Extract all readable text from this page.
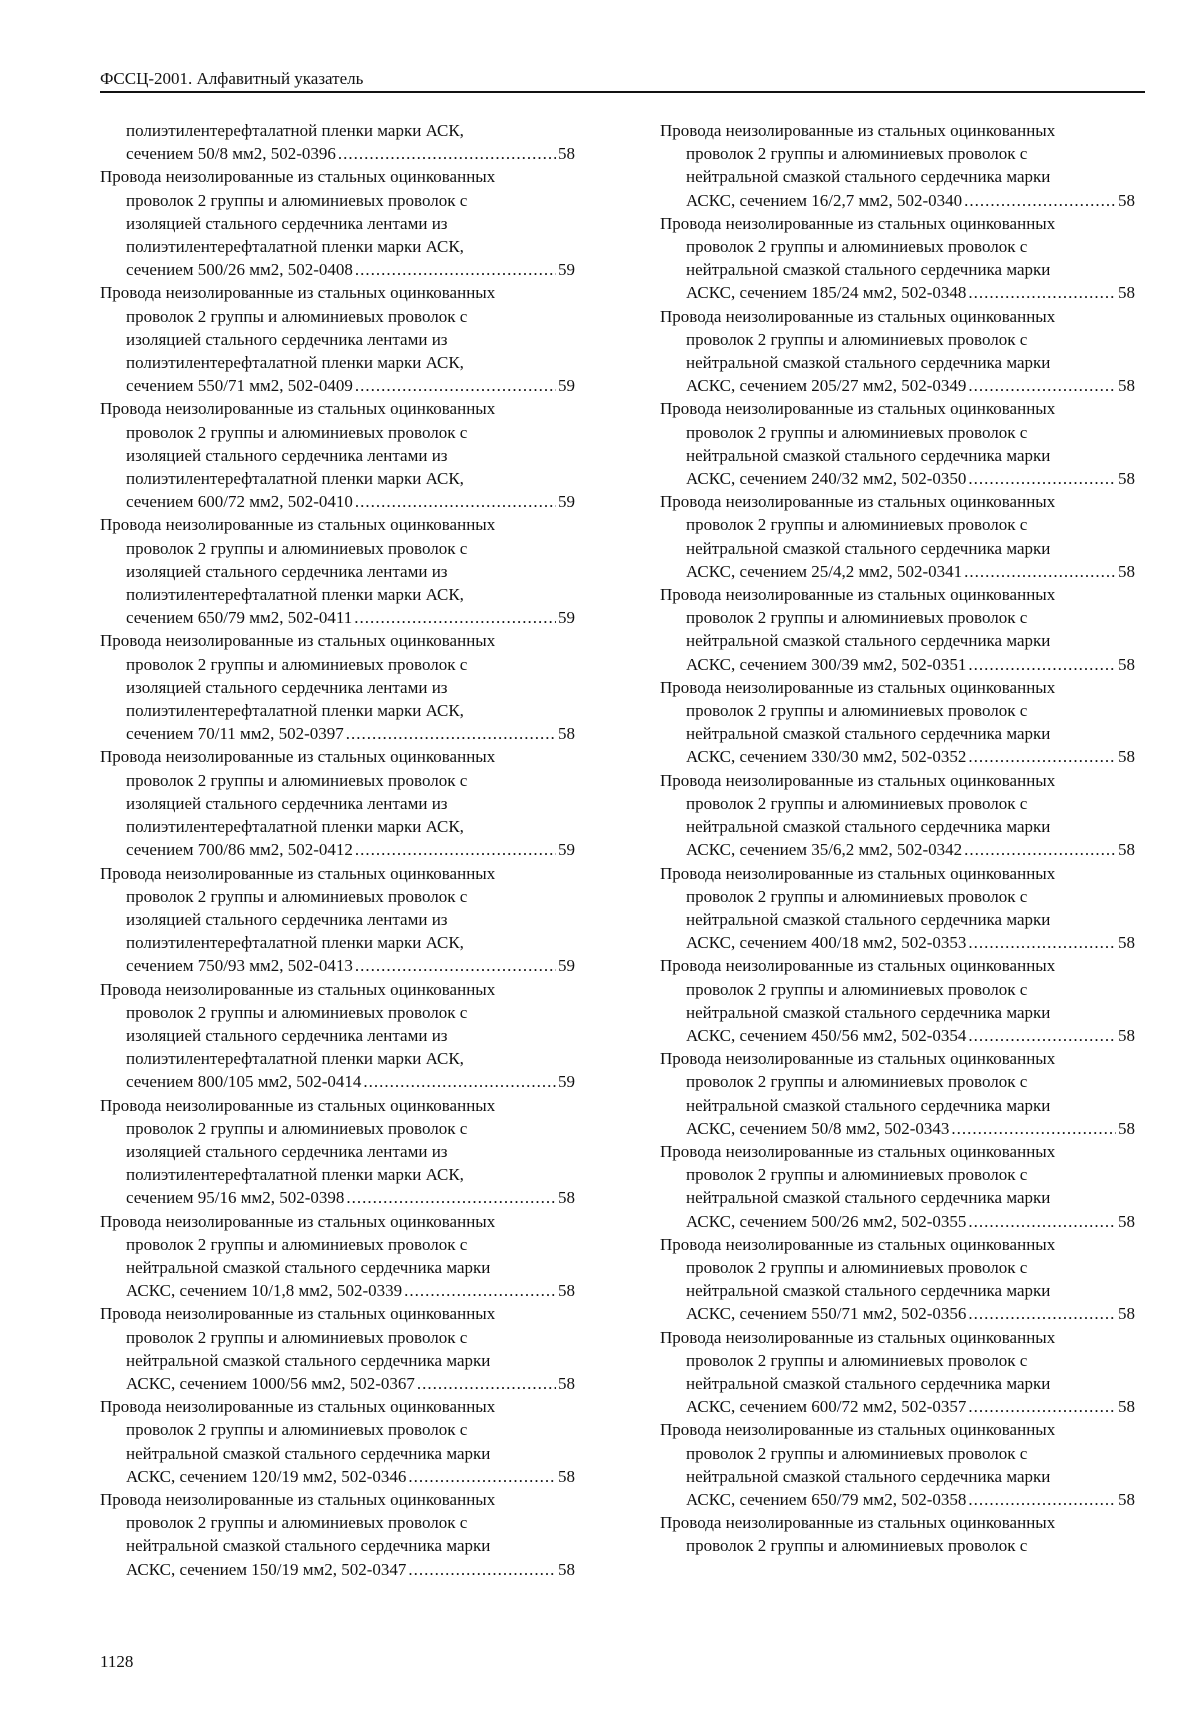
ФССЦ-2001. Алфавитный указатель
полиэтилентерефталатной пленки марки АСК,
сечением 50/8 мм2, 502-0396 .....	58
Провода неизолированные из стальных оцинкованных
проволок 2 группы и алюминиевых проволок с
изоляцией стального сердечника лентами из
полиэтилентерефталатной пленки марки АСК,
сечением 500/26 мм2, 502-0408 .....	59
Провода неизолированные из стальных оцинкованных
проволок 2 группы и алюминиевых проволок с
изоляцией стального сердечника лентами из
полиэтилентерефталатной пленки марки АСК,
сечением 550/71 мм2, 502-0409 .....	59
Провода неизолированные из стальных оцинкованных
проволок 2 группы и алюминиевых проволок с
изоляцией стального сердечника лентами из
полиэтилентерефталатной пленки марки АСК,
сечением 600/72 мм2, 502-0410 .....	59
Провода неизолированные из стальных оцинкованных
проволок 2 группы и алюминиевых проволок с
изоляцией стального сердечника лентами из
полиэтилентерефталатной пленки марки АСК,
сечением 650/79 мм2, 502-0411 .....	59
Провода неизолированные из стальных оцинкованных
проволок 2 группы и алюминиевых проволок с
изоляцией стального сердечника лентами из
полиэтилентерефталатной пленки марки АСК,
сечением 70/11 мм2, 502-0397 .....	58
Провода неизолированные из стальных оцинкованных
проволок 2 группы и алюминиевых проволок с
изоляцией стального сердечника лентами из
полиэтилентерефталатной пленки марки АСК,
сечением 700/86 мм2, 502-0412 .....	59
Провода неизолированные из стальных оцинкованных
проволок 2 группы и алюминиевых проволок с
изоляцией стального сердечника лентами из
полиэтилентерефталатной пленки марки АСК,
сечением 750/93 мм2, 502-0413 .....	59
Провода неизолированные из стальных оцинкованных
проволок 2 группы и алюминиевых проволок с
изоляцией стального сердечника лентами из
полиэтилентерефталатной пленки марки АСК,
сечением 800/105 мм2, 502-0414 .....	59
Провода неизолированные из стальных оцинкованных
проволок 2 группы и алюминиевых проволок с
изоляцией стального сердечника лентами из
полиэтилентерефталатной пленки марки АСК,
сечением 95/16 мм2, 502-0398 .....	58
Провода неизолированные из стальных оцинкованных
проволок 2 группы и алюминиевых проволок с
нейтральной смазкой стального сердечника марки
АСКС, сечением 10/1,8 мм2, 502-0339 .....	58
Провода неизолированные из стальных оцинкованных
проволок 2 группы и алюминиевых проволок с
нейтральной смазкой стального сердечника марки
АСКС, сечением 1000/56 мм2, 502-0367 .....	58
Провода неизолированные из стальных оцинкованных
проволок 2 группы и алюминиевых проволок с
нейтральной смазкой стального сердечника марки
АСКС, сечением 120/19 мм2, 502-0346 .....	58
Провода неизолированные из стальных оцинкованных
проволок 2 группы и алюминиевых проволок с
нейтральной смазкой стального сердечника марки
АСКС, сечением 150/19 мм2, 502-0347 .....	58
Провода неизолированные из стальных оцинкованных
проволок 2 группы и алюминиевых проволок с
нейтральной смазкой стального сердечника марки
АСКС, сечением 16/2,7 мм2, 502-0340 .....	58
Провода неизолированные из стальных оцинкованных
проволок 2 группы и алюминиевых проволок с
нейтральной смазкой стального сердечника марки
АСКС, сечением 185/24 мм2, 502-0348 .....	58
Провода неизолированные из стальных оцинкованных
проволок 2 группы и алюминиевых проволок с
нейтральной смазкой стального сердечника марки
АСКС, сечением 205/27 мм2, 502-0349 .....	58
Провода неизолированные из стальных оцинкованных
проволок 2 группы и алюминиевых проволок с
нейтральной смазкой стального сердечника марки
АСКС, сечением 240/32 мм2, 502-0350 .....	58
Провода неизолированные из стальных оцинкованных
проволок 2 группы и алюминиевых проволок с
нейтральной смазкой стального сердечника марки
АСКС, сечением 25/4,2 мм2, 502-0341 .....	58
Провода неизолированные из стальных оцинкованных
проволок 2 группы и алюминиевых проволок с
нейтральной смазкой стального сердечника марки
АСКС, сечением 300/39 мм2, 502-0351 .....	58
Провода неизолированные из стальных оцинкованных
проволок 2 группы и алюминиевых проволок с
нейтральной смазкой стального сердечника марки
АСКС, сечением 330/30 мм2, 502-0352 .....	58
Провода неизолированные из стальных оцинкованных
проволок 2 группы и алюминиевых проволок с
нейтральной смазкой стального сердечника марки
АСКС, сечением 35/6,2 мм2, 502-0342 .....	58
Провода неизолированные из стальных оцинкованных
проволок 2 группы и алюминиевых проволок с
нейтральной смазкой стального сердечника марки
АСКС, сечением 400/18 мм2, 502-0353 .....	58
Провода неизолированные из стальных оцинкованных
проволок 2 группы и алюминиевых проволок с
нейтральной смазкой стального сердечника марки
АСКС, сечением 450/56 мм2, 502-0354 .....	58
Провода неизолированные из стальных оцинкованных
проволок 2 группы и алюминиевых проволок с
нейтральной смазкой стального сердечника марки
АСКС, сечением 50/8 мм2, 502-0343 .....	58
Провода неизолированные из стальных оцинкованных
проволок 2 группы и алюминиевых проволок с
нейтральной смазкой стального сердечника марки
АСКС, сечением 500/26 мм2, 502-0355 .....	58
Провода неизолированные из стальных оцинкованных
проволок 2 группы и алюминиевых проволок с
нейтральной смазкой стального сердечника марки
АСКС, сечением 550/71 мм2, 502-0356 .....	58
Провода неизолированные из стальных оцинкованных
проволок 2 группы и алюминиевых проволок с
нейтральной смазкой стального сердечника марки
АСКС, сечением 600/72 мм2, 502-0357 .....	58
Провода неизолированные из стальных оцинкованных
проволок 2 группы и алюминиевых проволок с
нейтральной смазкой стального сердечника марки
АСКС, сечением 650/79 мм2, 502-0358 .....	58
Провода неизолированные из стальных оцинкованных
проволок 2 группы и алюминиевых проволок с
1128
